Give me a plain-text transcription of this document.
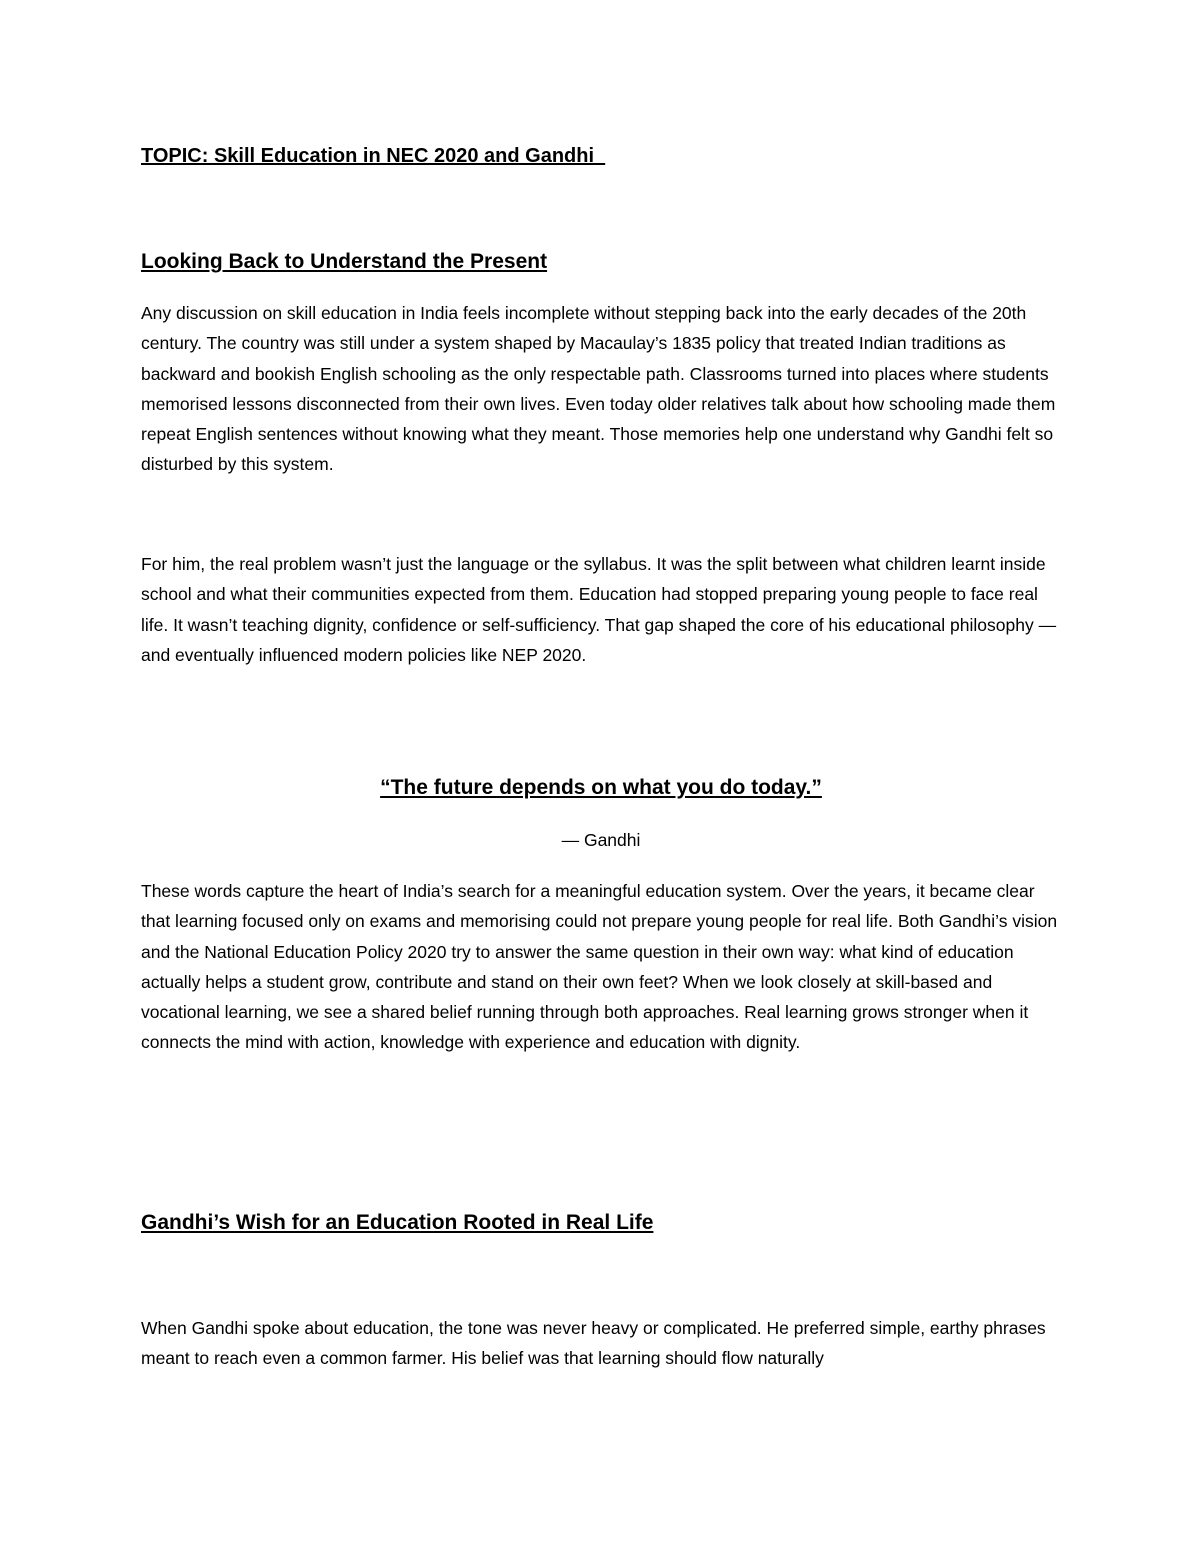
TOPIC: Skill Education in NEC 2020 and Gandhi
Looking Back to Understand the Present

Any discussion on skill education in India feels incomplete without stepping back into the early decades of the 20th century. The country was still under a system shaped by Macaulay’s 1835 policy that treated Indian traditions as backward and bookish English schooling as the only respectable path. Classrooms turned into places where students memorised lessons disconnected from their own lives. Even today older relatives talk about how schooling made them repeat English sentences without knowing what they meant. Those memories help one understand why Gandhi felt so disturbed by this system.

For him, the real problem wasn’t just the language or the syllabus. It was the split between what children learnt inside school and what their communities expected from them. Education had stopped preparing young people to face real life. It wasn’t teaching dignity, confidence or self-sufficiency. That gap shaped the core of his educational philosophy — and eventually influenced modern policies like NEP 2020.

“The future depends on what you do today.”
— Gandhi

These words capture the heart of India’s search for a meaningful education system. Over the years, it became clear that learning focused only on exams and memorising could not prepare young people for real life. Both Gandhi’s vision and the National Education Policy 2020 try to answer the same question in their own way: what kind of education actually helps a student grow, contribute and stand on their own feet? When we look closely at skill-based and vocational learning, we see a shared belief running through both approaches. Real learning grows stronger when it connects the mind with action, knowledge with experience and education with dignity.

Gandhi’s Wish for an Education Rooted in Real Life

When Gandhi spoke about education, the tone was never heavy or complicated. He preferred simple, earthy phrases meant to reach even a common farmer. His belief was that learning should flow naturally
